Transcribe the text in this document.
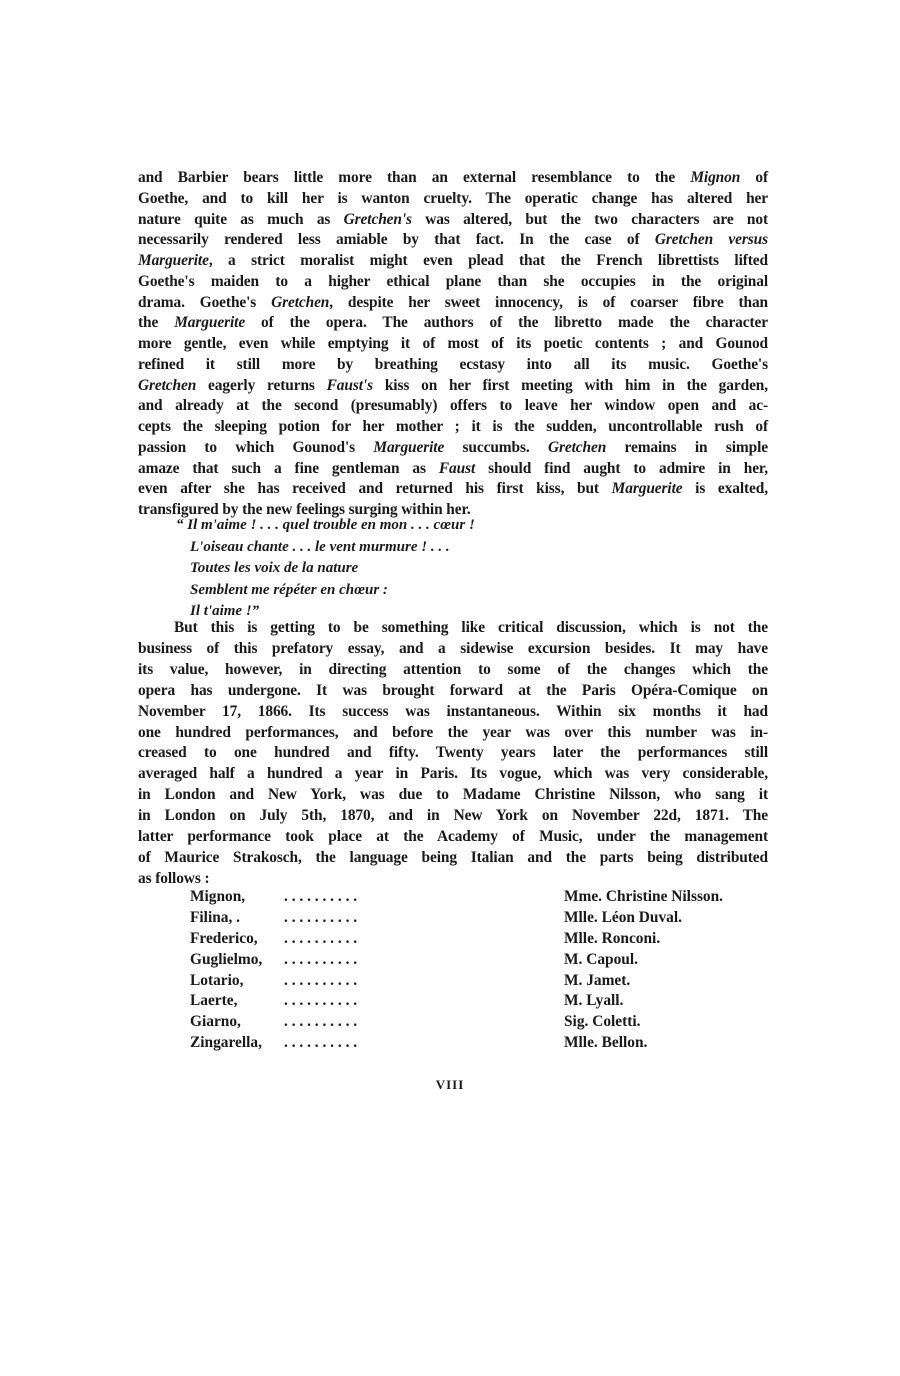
and Barbier bears little more than an external resemblance to the Mignon of
Goethe, and to kill her is wanton cruelty. The operatic change has altered her
nature quite as much as Gretchen's was altered, but the two characters are not
necessarily rendered less amiable by that fact. In the case of Gretchen versus
Marguerite, a strict moralist might even plead that the French librettists lifted
Goethe's maiden to a higher ethical plane than she occupies in the original
drama. Goethe's Gretchen, despite her sweet innocency, is of coarser fibre than
the Marguerite of the opera. The authors of the libretto made the character
more gentle, even while emptying it of most of its poetic contents ; and Gounod
refined it still more by breathing ecstasy into all its music. Goethe's
Gretchen eagerly returns Faust's kiss on her first meeting with him in the garden,
and already at the second (presumably) offers to leave her window open and ac-
cepts the sleeping potion for her mother ; it is the sudden, uncontrollable rush of
passion to which Gounod's Marguerite succumbs. Gretchen remains in simple
amaze that such a fine gentleman as Faust should find aught to admire in her,
even after she has received and returned his first kiss, but Marguerite is exalted,
transfigured by the new feelings surging within her.
“ Il m'aime ! . . . quel trouble en mon . . . cœur !
L'oiseau chante . . . le vent murmure ! . . .
Toutes les voix de la nature
Semblent me répéter en chœur :
Il t'aime !”
But this is getting to be something like critical discussion, which is not the
business of this prefatory essay, and a sidewise excursion besides. It may have
its value, however, in directing attention to some of the changes which the
opera has undergone. It was brought forward at the Paris Opéra-Comique on
November 17, 1866. Its success was instantaneous. Within six months it had
one hundred performances, and before the year was over this number was in-
creased to one hundred and fifty. Twenty years later the performances still
averaged half a hundred a year in Paris. Its vogue, which was very considerable,
in London and New York, was due to Madame Christine Nilsson, who sang it
in London on July 5th, 1870, and in New York on November 22d, 1871. The
latter performance took place at the Academy of Music, under the management
of Maurice Strakosch, the language being Italian and the parts being distributed
as follows :
Mignon,	. . . . . . . . . .	Mme. Christine Nilsson.
Filina, .	. . . . . . . . . .	Mlle. Léon Duval.
Frederico,	. . . . . . . . . .	Mlle. Ronconi.
Guglielmo,	. . . . . . . . . .	M. Capoul.
Lotario,	. . . . . . . . . .	M. Jamet.
Laerte,	. . . . . . . . . .	M. Lyall.
Giarno,	. . . . . . . . . .	Sig. Coletti.
Zingarella,	. . . . . . . . . .	Mlle. Bellon.
VIII
